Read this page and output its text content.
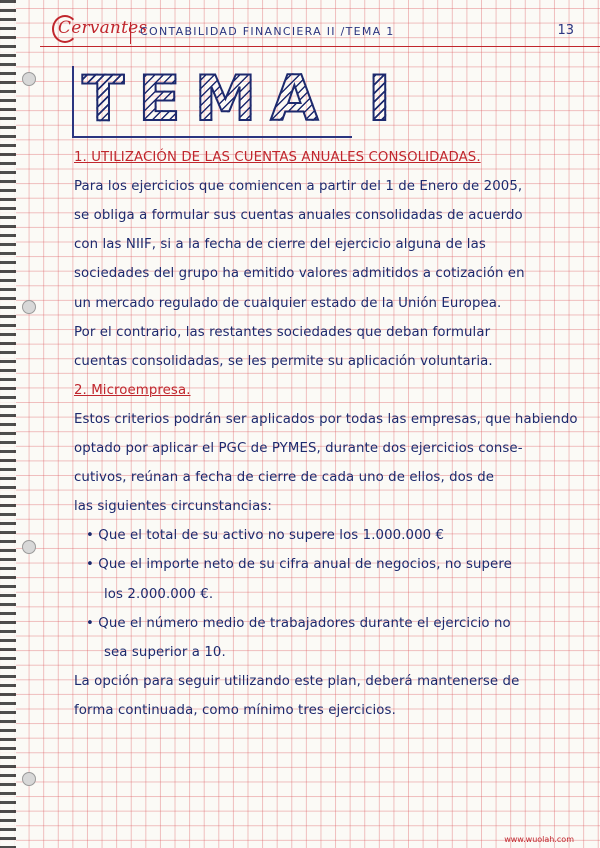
Cervantes
CONTABILIDAD FINANCIERA II /TEMA 1	13
TEMA I
1. UTILIZACIÓN DE LAS CUENTAS ANUALES CONSOLIDADAS.
Para los ejercicios que comiencen a partir del 1 de Enero de 2005,
se obliga a formular sus cuentas anuales consolidadas de acuerdo
con las NIIF, si a la fecha de cierre del ejercicio alguna de las
sociedades del grupo ha emitido valores admitidos a cotización en
un mercado regulado de cualquier estado de la Unión Europea.
Por el contrario, las restantes sociedades que deban formular
cuentas consolidadas, se les permite su aplicación voluntaria.
2. Microempresa.
Estos criterios podrán ser aplicados por todas las empresas, que habiendo
optado por aplicar el PGC de PYMES, durante dos ejercicios conse-
cutivos, reúnan a fecha de cierre de cada uno de ellos, dos de
las siguientes circunstancias:
• Que el total de su activo no supere los 1.000.000 €
• Que el importe neto de su cifra anual de negocios, no supere
los 2.000.000 €.
• Que el número medio de trabajadores durante el ejercicio no
sea superior a 10.
La opción para seguir utilizando este plan, deberá mantenerse de
forma continuada, como mínimo tres ejercicios.
www.wuolah.com
